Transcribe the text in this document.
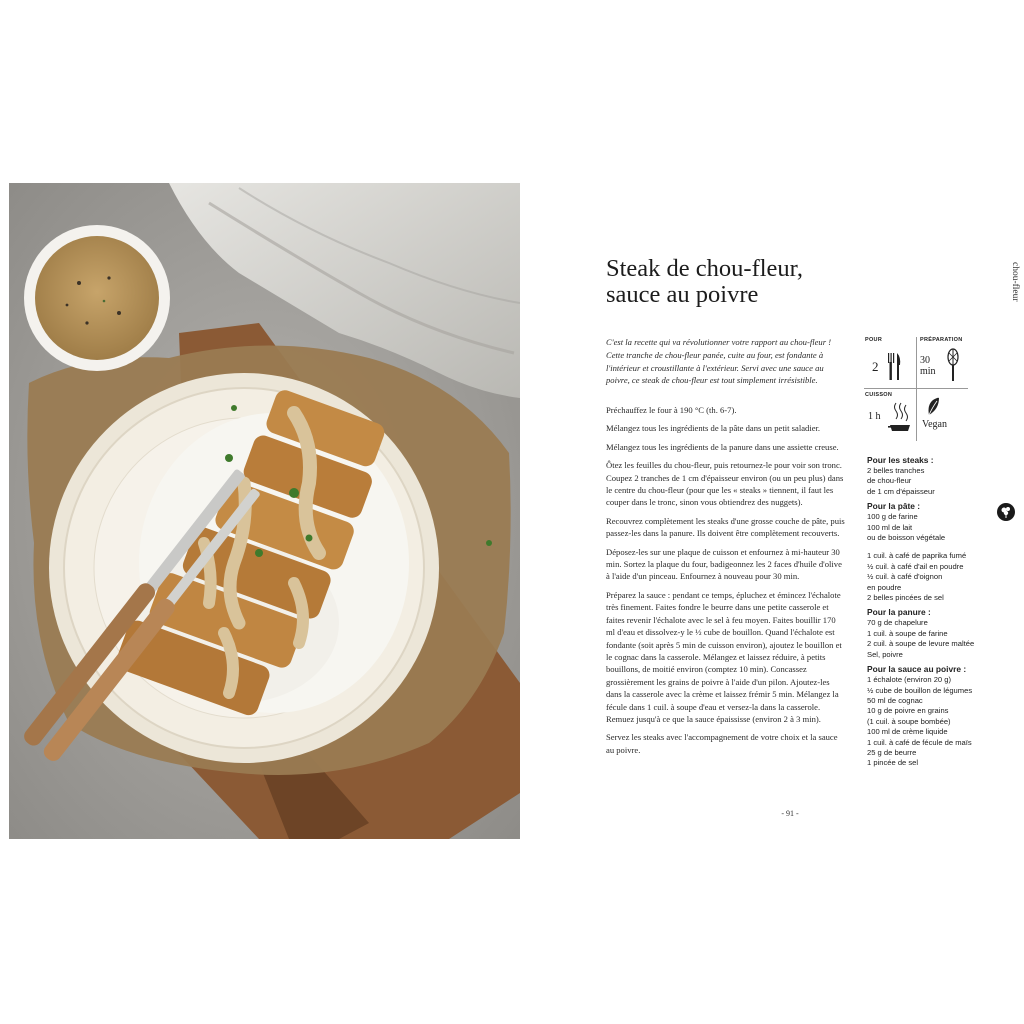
Steak de chou-fleur,
sauce au poivre	chou-fleur

C'est la recette qui va révolutionner votre rapport au chou-fleur ! Cette tranche de chou-fleur panée, cuite au four, est fondante à l'intérieur et croustillante à l'extérieur. Servi avec une sauce au poivre, ce steak de chou-fleur est tout simplement irrésistible.

Préchauffez le four à 190 °C (th. 6-7).

Mélangez tous les ingrédients de la pâte dans un petit saladier.

Mélangez tous les ingrédients de la panure dans une assiette creuse.

Ôtez les feuilles du chou-fleur, puis retournez-le pour voir son tronc. Coupez 2 tranches de 1 cm d'épaisseur environ (ou un peu plus) dans le centre du chou-fleur (pour que les « steaks » tiennent, il faut les couper dans le tronc, sinon vous obtiendrez des nuggets).

Recouvrez complètement les steaks d'une grosse couche de pâte, puis passez-les dans la panure. Ils doivent être complètement recouverts.

Déposez-les sur une plaque de cuisson et enfournez à mi-hauteur 30 min. Sortez la plaque du four, badigeonnez les 2 faces d'huile d'olive à l'aide d'un pinceau. Enfournez à nouveau pour 30 min.

Préparez la sauce : pendant ce temps, épluchez et émincez l'échalote très finement. Faites fondre le beurre dans une petite casserole et faites revenir l'échalote avec le sel à feu moyen. Faites bouillir 170 ml d'eau et dissolvez-y le ½ cube de bouillon. Quand l'échalote est fondante (soit après 5 min de cuisson environ), ajoutez le bouillon et le cognac dans la casserole. Mélangez et laissez réduire, à petits bouillons, de moitié environ (comptez 10 min). Concassez grossièrement les grains de poivre à l'aide d'un pilon. Ajoutez-les dans la casserole avec la crème et laissez frémir 5 min. Mélangez la fécule dans 1 cuil. à soupe d'eau et versez-la dans la casserole. Remuez jusqu'à ce que la sauce épaississe (environ 2 à 3 min).

Servez les steaks avec l'accompagnement de votre choix et la sauce au poivre.

POUR
2
PRÉPARATION
30
min
CUISSON
1 h
Vegan
Pour les steaks :
2 belles tranches
de chou-fleur
de 1 cm d'épaisseur
Pour la pâte :
100 g de farine
100 ml de lait
ou de boisson végétale
1 cuil. à café de paprika fumé
½ cuil. à café d'ail en poudre
½ cuil. à café d'oignon
en poudre
2 belles pincées de sel
Pour la panure :
70 g de chapelure
1 cuil. à soupe de farine
2 cuil. à soupe de levure maltée
Sel, poivre
Pour la sauce au poivre :
1 échalote (environ 20 g)
½ cube de bouillon de légumes
50 ml de cognac
10 g de poivre en grains
(1 cuil. à soupe bombée)
100 ml de crème liquide
1 cuil. à café de fécule de maïs
25 g de beurre
1 pincée de sel
- 91 -
